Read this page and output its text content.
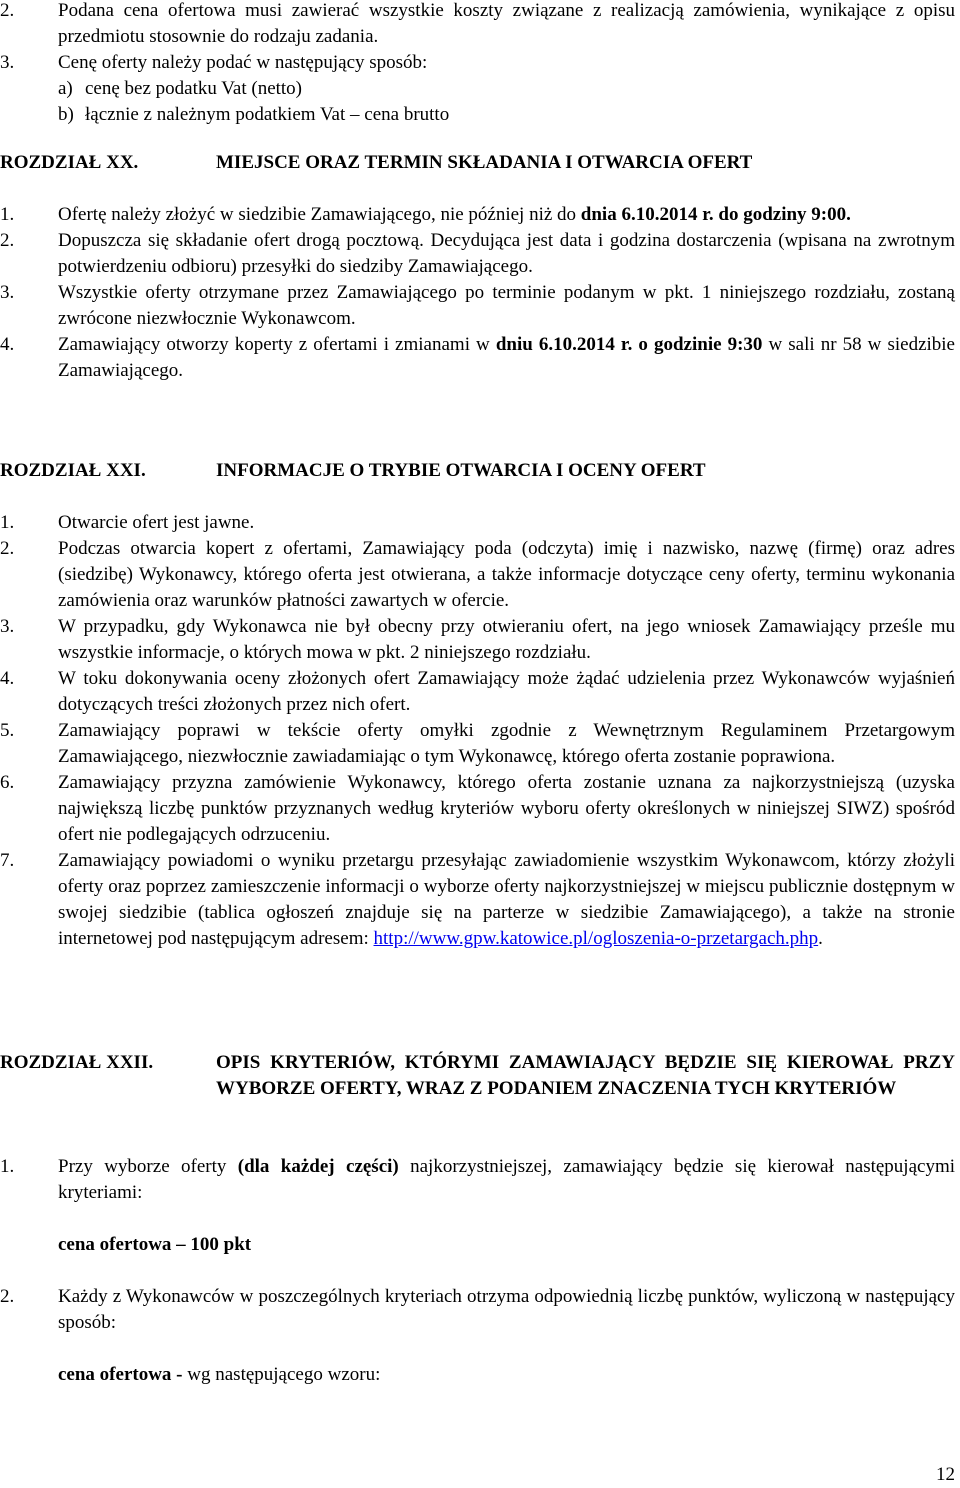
2.	Podana cena ofertowa musi zawierać wszystkie koszty związane z realizacją zamówienia, wynikające z opisu przedmiotu stosownie do rodzaju zadania.
3.	Cenę oferty należy podać w następujący sposób:
a) cenę bez podatku Vat (netto)
b) łącznie z należnym podatkiem Vat – cena brutto
ROZDZIAŁ XX.	MIEJSCE ORAZ TERMIN SKŁADANIA I OTWARCIA OFERT
1.	Ofertę należy złożyć w siedzibie Zamawiającego, nie później niż do dnia 6.10.2014 r. do godziny 9:00.
2.	Dopuszcza się składanie ofert drogą pocztową. Decydująca jest data i godzina dostarczenia (wpisana na zwrotnym potwierdzeniu odbioru) przesyłki do siedziby Zamawiającego.
3.	Wszystkie oferty otrzymane przez Zamawiającego po terminie podanym w pkt. 1 niniejszego rozdziału, zostaną zwrócone niezwłocznie Wykonawcom.
4.	Zamawiający otworzy koperty z ofertami i zmianami w dniu 6.10.2014 r. o godzinie 9:30 w sali nr 58 w siedzibie Zamawiającego.
ROZDZIAŁ XXI.	INFORMACJE O TRYBIE OTWARCIA I OCENY OFERT
1.	Otwarcie ofert jest jawne.
2.	Podczas otwarcia kopert z ofertami, Zamawiający poda (odczyta) imię i nazwisko, nazwę (firmę) oraz adres (siedzibę) Wykonawcy, którego oferta jest otwierana, a także informacje dotyczące ceny oferty, terminu wykonania zamówienia oraz warunków płatności zawartych w ofercie.
3.	W przypadku, gdy Wykonawca nie był obecny przy otwieraniu ofert, na jego wniosek Zamawiający prześle mu wszystkie informacje, o których mowa w pkt. 2 niniejszego rozdziału.
4.	W toku dokonywania oceny złożonych ofert Zamawiający może żądać udzielenia przez Wykonawców wyjaśnień dotyczących treści złożonych przez nich ofert.
5.	Zamawiający poprawi w tekście oferty omyłki zgodnie z Wewnętrznym Regulaminem Przetargowym Zamawiającego, niezwłocznie zawiadamiając o tym Wykonawcę, którego oferta zostanie poprawiona.
6.	Zamawiający przyzna zamówienie Wykonawcy, którego oferta zostanie uznana za najkorzystniejszą (uzyska największą liczbę punktów przyznanych według kryteriów wyboru oferty określonych w niniejszej SIWZ) spośród ofert nie podlegających odrzuceniu.
7.	Zamawiający powiadomi o wyniku przetargu przesyłając zawiadomienie wszystkim Wykonawcom, którzy złożyli oferty oraz poprzez zamieszczenie informacji o wyborze oferty najkorzystniejszej w miejscu publicznie dostępnym w swojej siedzibie (tablica ogłoszeń znajduje się na parterze w siedzibie Zamawiającego), a także na stronie internetowej pod następującym adresem: http://www.gpw.katowice.pl/ogloszenia-o-przetargach.php.
ROZDZIAŁ XXII.	OPIS KRYTERIÓW, KTÓRYMI ZAMAWIAJĄCY BĘDZIE SIĘ KIEROWAŁ PRZY WYBORZE OFERTY, WRAZ Z PODANIEM ZNACZENIA TYCH KRYTERIÓW
1.	Przy wyborze oferty (dla każdej części) najkorzystniejszej, zamawiający będzie się kierował następującymi kryteriami:
cena ofertowa – 100 pkt
2.	Każdy z Wykonawców w poszczególnych kryteriach otrzyma odpowiednią liczbę punktów, wyliczoną w następujący sposób:
cena ofertowa - wg następującego wzoru:
12
